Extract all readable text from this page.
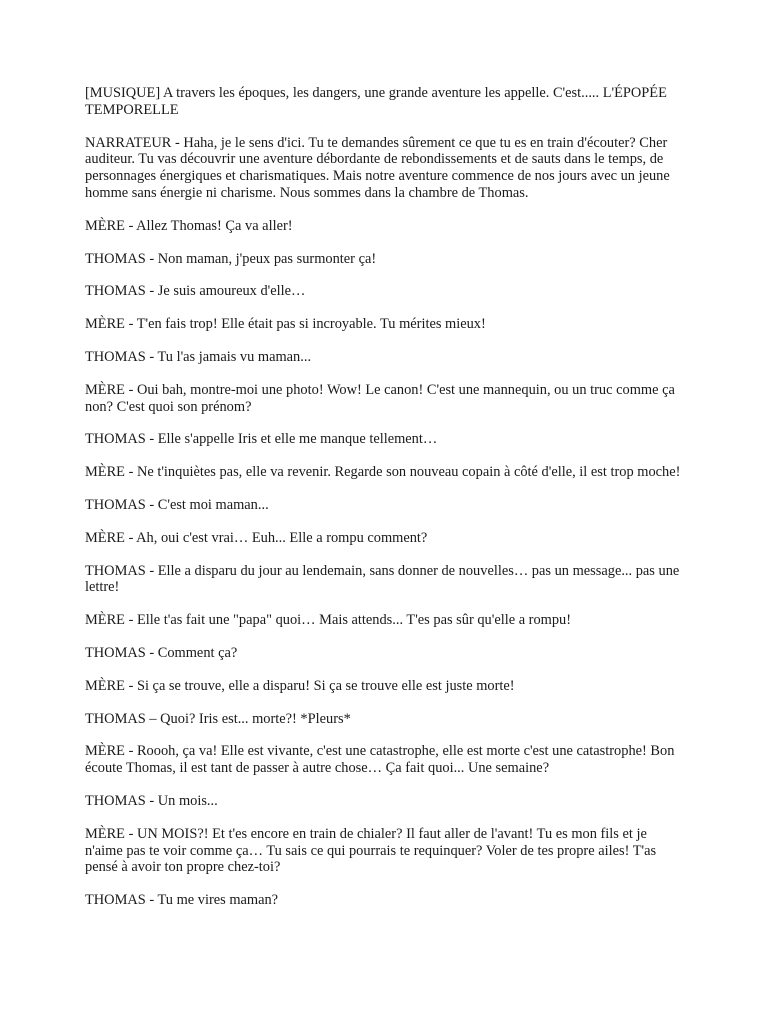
[MUSIQUE] A travers les époques, les dangers, une grande aventure les appelle. C'est..... L'ÉPOPÉE TEMPORELLE

NARRATEUR - Haha, je le sens d'ici. Tu te demandes sûrement ce que tu es en train d'écouter? Cher auditeur. Tu vas découvrir une aventure débordante de rebondissements et de sauts dans le temps, de personnages énergiques et charismatiques. Mais notre aventure commence de nos jours avec un jeune homme sans énergie ni charisme. Nous sommes dans la chambre de Thomas.

MÈRE - Allez Thomas! Ça va aller!

THOMAS - Non maman, j'peux pas surmonter ça!

THOMAS - Je suis amoureux d'elle…

MÈRE - T'en fais trop! Elle était pas si incroyable. Tu mérites mieux!

THOMAS - Tu l'as jamais vu maman...

MÈRE - Oui bah, montre-moi une photo! Wow! Le canon! C'est une mannequin, ou un truc comme ça non? C'est quoi son prénom?

THOMAS - Elle s'appelle Iris et elle me manque tellement…

MÈRE - Ne t'inquiètes pas, elle va revenir. Regarde son nouveau copain à côté d'elle, il est trop moche!

THOMAS - C'est moi maman...

MÈRE - Ah, oui c'est vrai… Euh... Elle a rompu comment?

THOMAS - Elle a disparu du jour au lendemain, sans donner de nouvelles… pas un message... pas une lettre!

MÈRE - Elle t'as fait une "papa" quoi… Mais attends... T'es pas sûr qu'elle a rompu!

THOMAS - Comment ça?

MÈRE - Si ça se trouve, elle a disparu! Si ça se trouve elle est juste morte!

THOMAS – Quoi? Iris est... morte?! *Pleurs*

MÈRE - Roooh, ça va! Elle est vivante, c'est une catastrophe, elle est morte c'est une catastrophe! Bon écoute Thomas, il est tant de passer à autre chose… Ça fait quoi... Une semaine?

THOMAS - Un mois...

MÈRE - UN MOIS?! Et t'es encore en train de chialer? Il faut aller de l'avant! Tu es mon fils et je n'aime pas te voir comme ça… Tu sais ce qui pourrais te requinquer? Voler de tes propre ailes! T'as pensé à avoir ton propre chez-toi?

THOMAS - Tu me vires maman?
